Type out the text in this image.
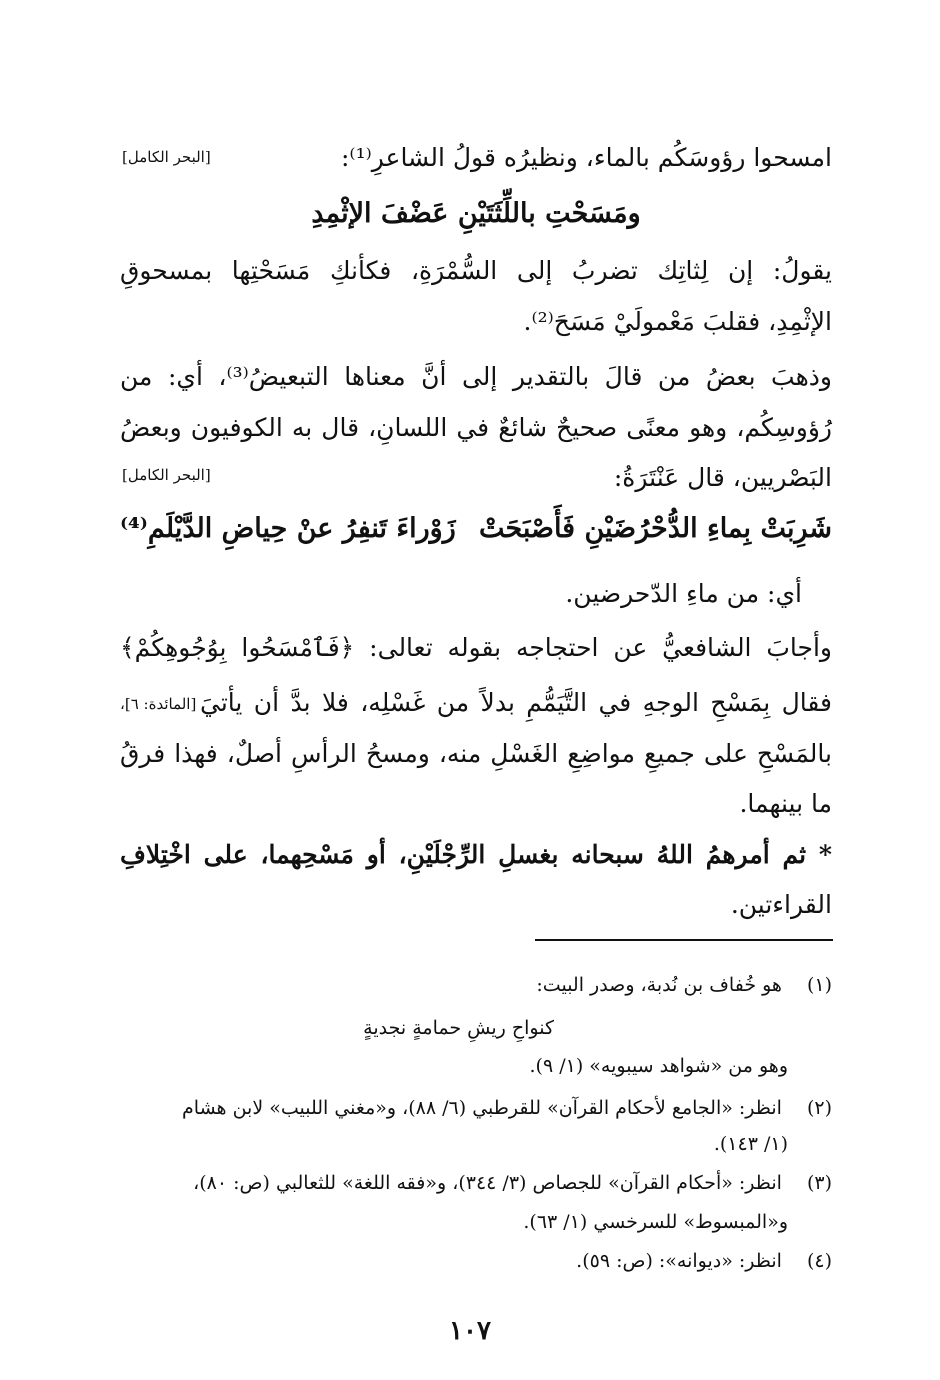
امسحوا رؤوسَكُم بالماء، ونظيرُه قولُ الشاعرِ⁽¹⁾:
[البحر الكامل]
ومَسَحْتِ باللِّثَتَيْنِ عَضْفَ الإثْمِدِ
يقولُ: إن لِثاتِك تضربُ إلى السُّمْرَةِ، فكأنكِ مَسَحْتِها بمسحوقِ
الإثْمِدِ، فقلبَ مَعْمولَيْ مَسَحَ⁽²⁾.
وذهبَ بعضُ من قالَ بالتقدير إلى أنَّ معناها التبعيضُ⁽³⁾، أي: من
رُؤوسِكُم، وهو معنًى صحيحٌ شائعٌ في اللسانِ، قال به الكوفيون وبعضُ
البَصْريين، قال عَنْتَرَةُ:
[البحر الكامل]
شَرِبَتْ بِماءِ الدُّحْرُضَيْنِ فَأَصْبَحَتْ
زَوْراءَ تَنفِرُ عنْ حِياضِ الدَّيْلَمِ⁽⁴⁾
أي: من ماءِ الدّحرضين.
وأجابَ الشافعيُّ عن احتجاجه بقوله تعالى: ﴿فَٱمْسَحُوا بِوُجُوهِكُمْ﴾
فقال بِمَسْحِ الوجهِ في التَّيَمُّمِ بدلاً من غَسْلِه، فلا بدَّ أن يأتيَ
[المائدة: ٦]،
بالمَسْحِ على جميعِ مواضِعِ الغَسْلِ منه، ومسحُ الرأسِ أصلٌ، فهذا فرقُ
ما بينهما.
* ثم أمرهمُ اللهُ سبحانه بغسلِ الرِّجْلَيْنِ، أو مَسْحِهما، على اخْتِلافِ
القراءتين.
(١) هو خُفاف بن نُدبة، وصدر البيت:
كنواحِ ريشِ حمامةٍ نجديةٍ
وهو من «شواهد سيبويه» (١/ ٩).
(٢) انظر: «الجامع لأحكام القرآن» للقرطبي (٦/ ٨٨)، و«مغني اللبيب» لابن هشام
(١/ ١٤٣).
(٣) انظر: «أحكام القرآن» للجصاص (٣/ ٣٤٤)، و«فقه اللغة» للثعالبي (ص: ٨٠)،
و«المبسوط» للسرخسي (١/ ٦٣).
(٤) انظر: «ديوانه»: (ص: ٥٩).
١٠٧
